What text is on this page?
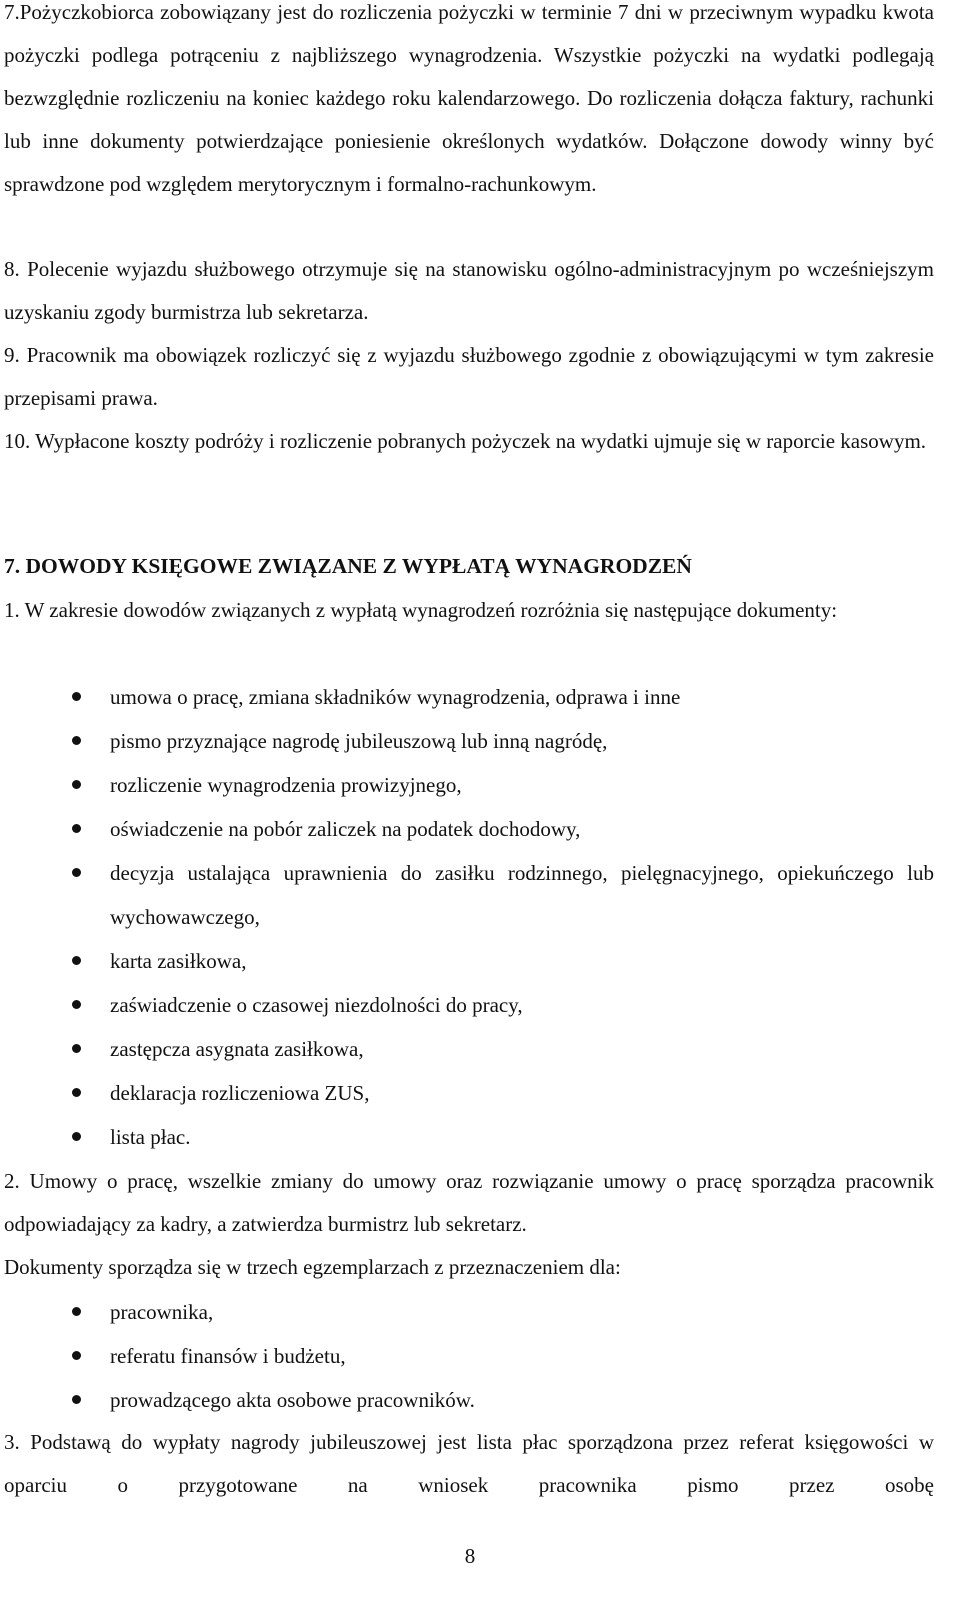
7.Pożyczkobiorca zobowiązany jest do rozliczenia pożyczki w terminie 7 dni w przeciwnym wypadku kwota pożyczki podlega potrąceniu z najbliższego wynagrodzenia. Wszystkie pożyczki na wydatki podlegają bezwzględnie rozliczeniu na koniec każdego roku kalendarzowego. Do rozliczenia dołącza faktury, rachunki lub inne dokumenty potwierdzające poniesienie określonych wydatków. Dołączone dowody winny być sprawdzone pod względem merytorycznym i formalno-rachunkowym.

8. Polecenie wyjazdu służbowego otrzymuje się na stanowisku ogólno-administracyjnym po wcześniejszym uzyskaniu zgody burmistrza lub sekretarza.

9. Pracownik ma obowiązek rozliczyć się z wyjazdu służbowego zgodnie z obowiązującymi w tym zakresie przepisami prawa.

10. Wypłacone koszty podróży i rozliczenie pobranych pożyczek na wydatki ujmuje się w raporcie kasowym.

7. DOWODY KSIĘGOWE ZWIĄZANE Z WYPŁATĄ WYNAGRODZEŃ

1. W zakresie dowodów związanych z wypłatą wynagrodzeń rozróżnia się następujące dokumenty:

umowa o pracę, zmiana składników wynagrodzenia, odprawa i inne
pismo przyznające nagrodę jubileuszową lub inną nagródę,
rozliczenie wynagrodzenia prowizyjnego,
oświadczenie na pobór zaliczek na podatek dochodowy,
decyzja ustalająca uprawnienia do zasiłku rodzinnego, pielęgnacyjnego, opiekuńczego lub wychowawczego,
karta zasiłkowa,
zaświadczenie o czasowej niezdolności do pracy,
zastępcza asygnata zasiłkowa,
deklaracja rozliczeniowa ZUS,
lista płac.

2. Umowy o pracę, wszelkie zmiany do umowy oraz rozwiązanie umowy o pracę sporządza pracownik odpowiadający za kadry, a zatwierdza burmistrz lub sekretarz.

Dokumenty sporządza się w trzech egzemplarzach z przeznaczeniem dla:

pracownika,
referatu finansów i budżetu,
prowadzącego akta osobowe pracowników.

3. Podstawą do wypłaty nagrody jubileuszowej jest lista płac sporządzona przez referat księgowości w oparciu o przygotowane na wniosek pracownika pismo przez osobę

8
